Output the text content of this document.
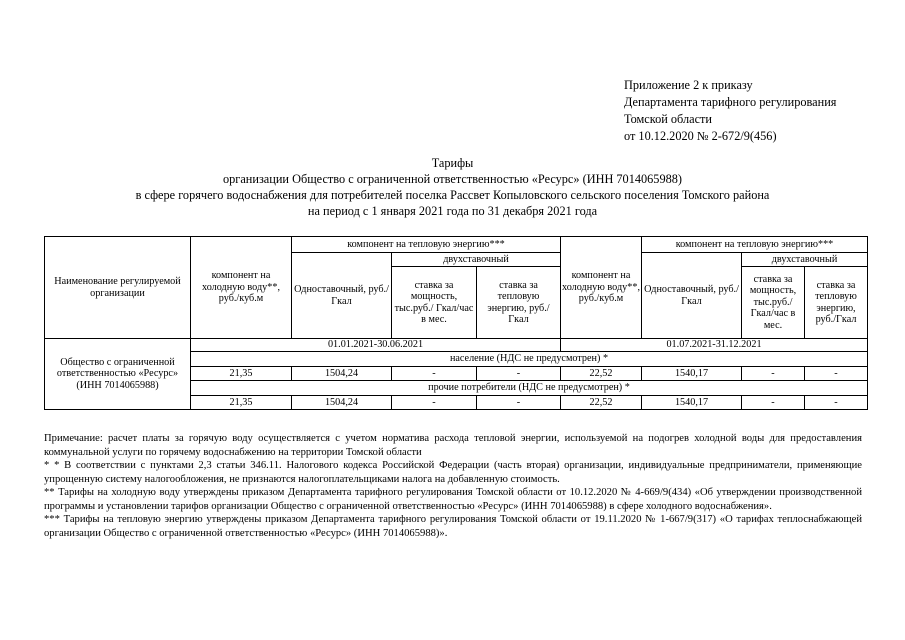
Приложение 2 к приказу
Департамента тарифного регулирования
Томской области
от 10.12.2020 № 2-672/9(456)
Тарифы
организации Общество с ограниченной ответственностью «Ресурс» (ИНН 7014065988)
в сфере горячего водоснабжения для потребителей поселка Рассвет Копыловского сельского поселения Томского района
на период с 1 января 2021 года по 31 декабря 2021 года
Наименование регулируемой организации	компонент на холодную воду**, руб./куб.м	компонент на тепловую энергию***			компонент на холодную воду**, руб./куб.м	компонент на тепловую энергию***		
		Одноставочный, руб./Гкал	двухставочный			Одноставочный, руб./Гкал	двухставочный	
			ставка за мощность, тыс.руб./ Гкал/час в мес.	ставка за тепловую энергию, руб./Гкал			ставка за мощность, тыс.руб./ Гкал/час в мес.	ставка за тепловую энергию, руб./Гкал
Общество с ограниченной ответственностью «Ресурс» (ИНН 7014065988)	01.01.2021-30.06.2021				01.07.2021-31.12.2021			
	население (НДС не предусмотрен) *							
	21,35	1504,24	-	-	22,52	1540,17	-	-
	прочие потребители (НДС не предусмотрен) *							
	21,35	1504,24	-	-	22,52	1540,17	-	-

Примечание: расчет платы за горячую воду осуществляется с учетом норматива расхода тепловой энергии, используемой на подогрев холодной воды для предоставления коммунальной услуги по горячему водоснабжению на территории Томской области

* * В соответствии с пунктами 2,3 статьи 346.11. Налогового кодекса Российской Федерации (часть вторая) организации, индивидуальные предприниматели, применяющие упрощенную систему налогообложения, не признаются налогоплательщиками налога на добавленную стоимость.

** Тарифы на холодную воду утверждены приказом Департамента тарифного регулирования Томской области от 10.12.2020 № 4-669/9(434) «Об утверждении производственной программы и установлении тарифов организации Общество с ограниченной ответственностью «Ресурс» (ИНН 7014065988) в сфере холодного водоснабжения».

*** Тарифы на тепловую энергию утверждены приказом Департамента тарифного регулирования Томской области от 19.11.2020 № 1-667/9(317) «О тарифах теплоснабжающей организации Общество с ограниченной ответственностью «Ресурс» (ИНН 7014065988)».
